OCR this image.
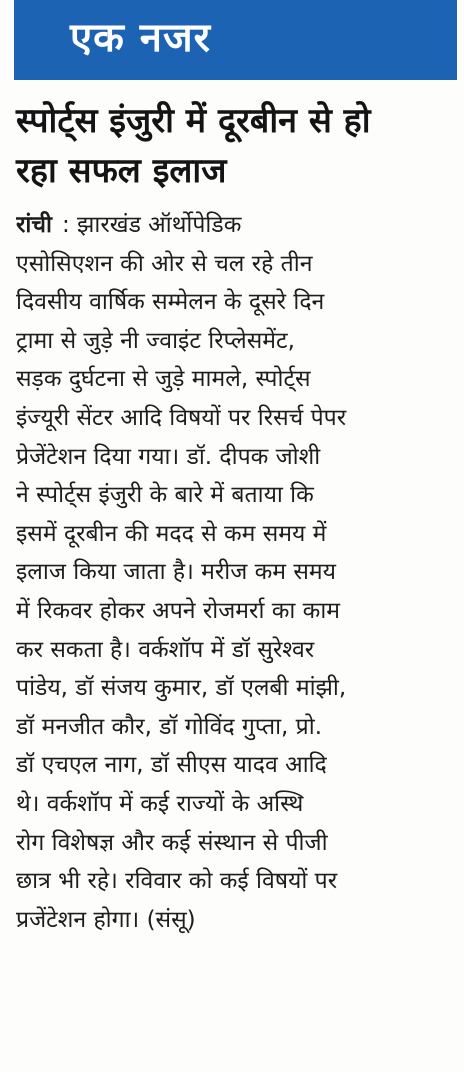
एक नजर
स्पोर्ट्स इंजुरी में दूरबीन से हो
रहा सफल इलाज
रांची : झारखंड ऑर्थोपेडिक
एसोसिएशन की ओर से चल रहे तीन
दिवसीय वार्षिक सम्मेलन के दूसरे दिन
ट्रामा से जुड़े नी ज्वाइंट रिप्लेसमेंट,
सड़क दुर्घटना से जुड़े मामले, स्पोर्ट्स
इंज्यूरी सेंटर आदि विषयों पर रिसर्च पेपर
प्रेजेंटेशन दिया गया। डॉ. दीपक जोशी
ने स्पोर्ट्स इंजुरी के बारे में बताया कि
इसमें दूरबीन की मदद से कम समय में
इलाज किया जाता है। मरीज कम समय
में रिकवर होकर अपने रोजमर्रा का काम
कर सकता है। वर्कशॉप में डॉ सुरेश्वर
पांडेय, डॉ संजय कुमार, डॉ एलबी मांझी,
डॉ मनजीत कौर, डॉ गोविंद गुप्ता, प्रो.
डॉ एचएल नाग, डॉ सीएस यादव आदि
थे। वर्कशॉप में कई राज्यों के अस्थि
रोग विशेषज्ञ और कई संस्थान से पीजी
छात्र भी रहे। रविवार को कई विषयों पर
प्रजेंटेशन होगा। (संसू)
